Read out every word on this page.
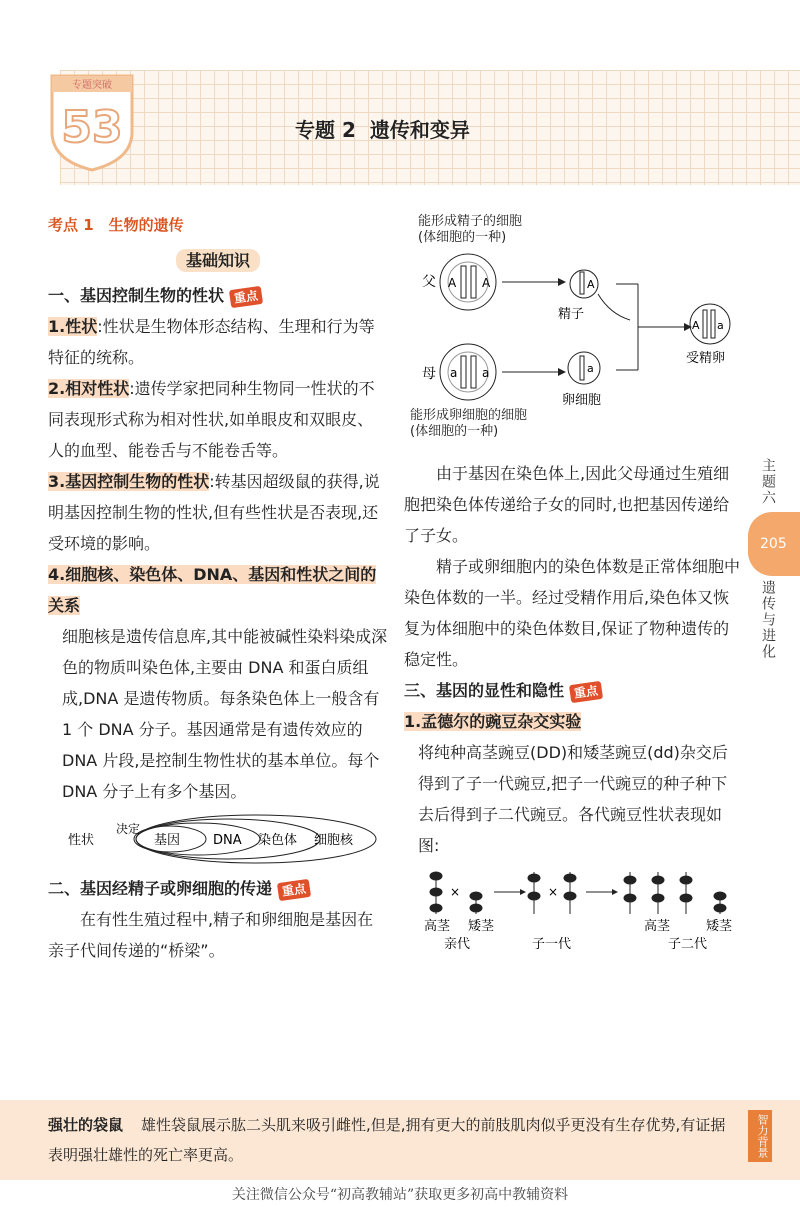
专题突破
53	专题 2 遗传和变异
考点 1　生物的遗传
基础知识
一、基因控制生物的性状 重点
1.性状:性状是生物体形态结构、生理和行为等特征的统称。
2.相对性状:遗传学家把同种生物同一性状的不同表现形式称为相对性状,如单眼皮和双眼皮、人的血型、能卷舌与不能卷舌等。
3.基因控制生物的性状:转基因超级鼠的获得,说明基因控制生物的性状,但有些性状是否表现,还受环境的影响。
4.细胞核、染色体、DNA、基因和性状之间的关系
细胞核是遗传信息库,其中能被碱性染料染成深色的物质叫染色体,主要由 DNA 和蛋白质组成,DNA 是遗传物质。每条染色体上一般含有 1 个 DNA 分子。基因通常是有遗传效应的 DNA 片段,是控制生物性状的基本单位。每个 DNA 分子上有多个基因。
性状
决定
基因	DNA 染色体 细胞核
二、基因经精子或卵细胞的传递 重点
在有性生殖过程中,精子和卵细胞是基因在亲子代间传递的“桥梁”。
能形成精子的细胞
(体细胞的一种)
父 A A	A
精子
母 a a	a
卵细胞
A a
受精卵
能形成卵细胞的细胞
(体细胞的一种)
由于基因在染色体上,因此父母通过生殖细胞把染色体传递给子女的同时,也把基因传递给了子女。
精子或卵细胞内的染色体数是正常体细胞中染色体数的一半。经过受精作用后,染色体又恢复为体细胞中的染色体数目,保证了物种遗传的稳定性。
三、基因的显性和隐性 重点
1.孟德尔的豌豆杂交实验
将纯种高茎豌豆(DD)和矮茎豌豆(dd)杂交后得到了子一代豌豆,把子一代豌豆的种子种下去后得到子二代豌豆。各代豌豆性状表现如图:
×	×
高茎 矮茎
亲代	子一代
高茎	矮茎
子二代
主题六
205
遗传与进化
强壮的袋鼠 雄性袋鼠展示肱二头肌来吸引雌性,但是,拥有更大的前肢肌肉似乎更没有生存优势,有证据表明强壮雄性的死亡率更高。	智力背景
关注微信公众号“初高教辅站”获取更多初高中教辅资料
